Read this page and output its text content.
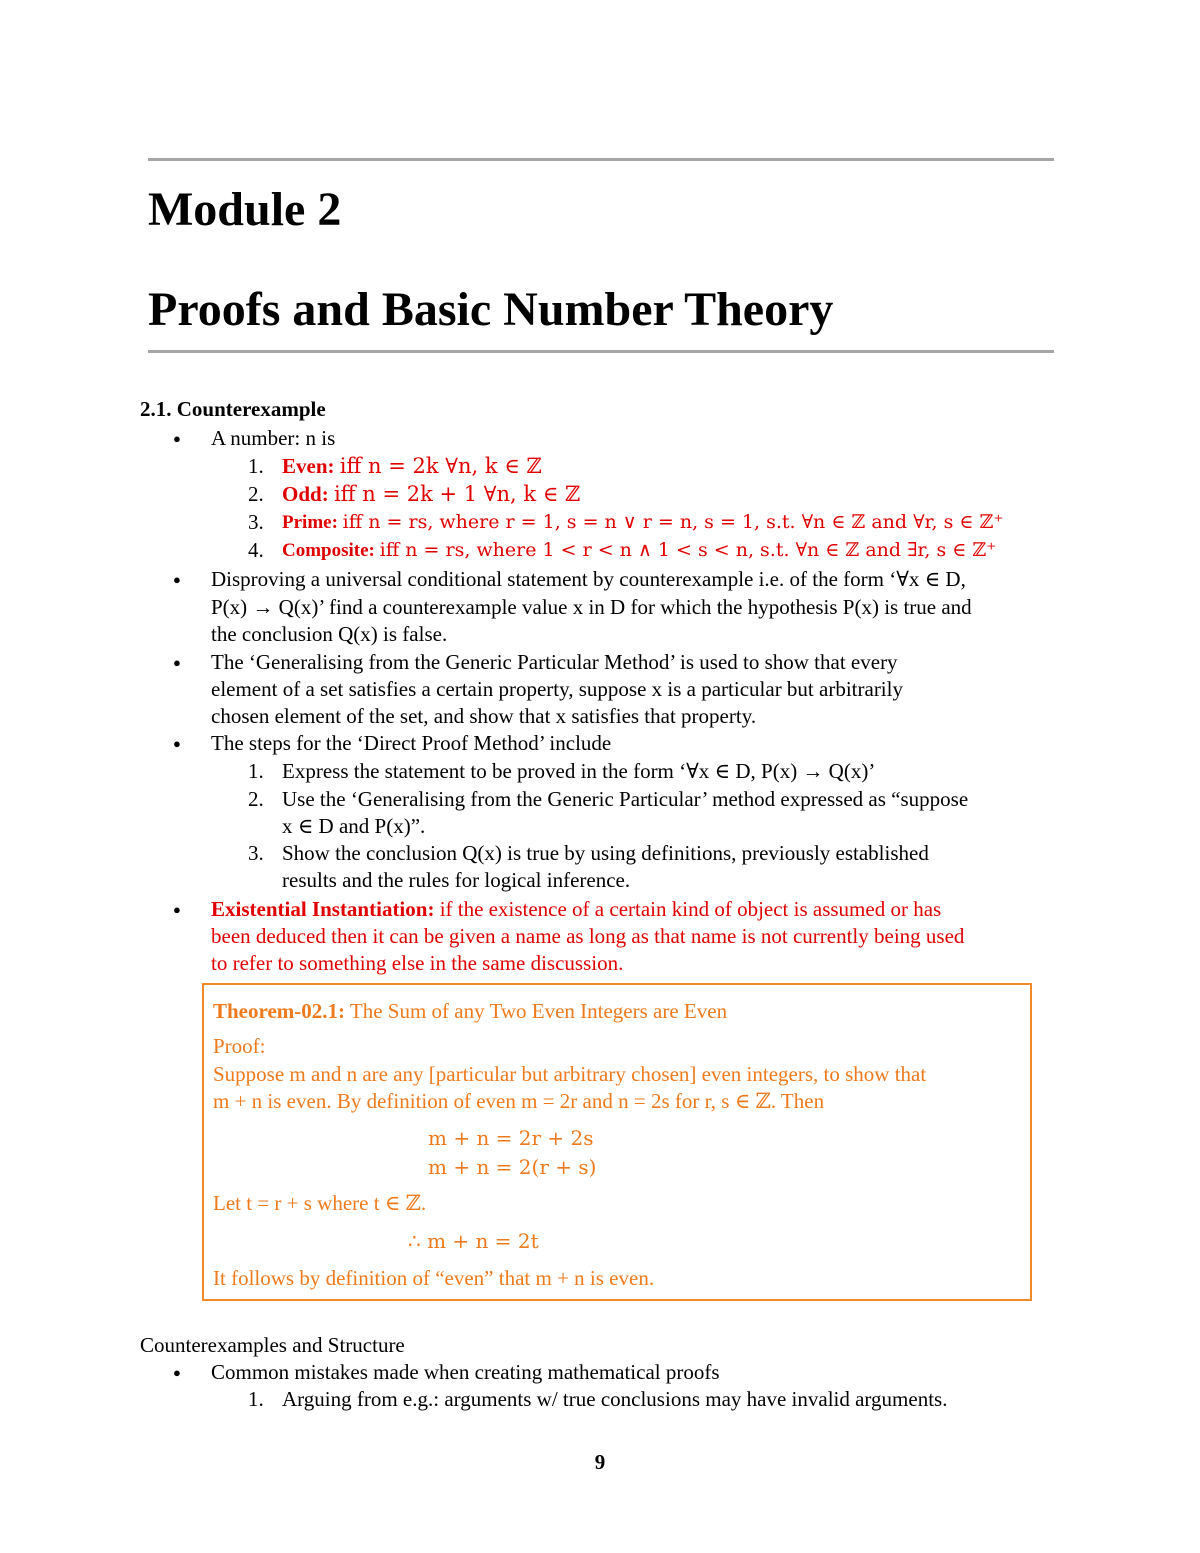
Module 2
Proofs and Basic Number Theory
2.1. Counterexample
● A number: n is
1. Even: iff n = 2k ∀n, k ∈ ℤ
2. Odd: iff n = 2k + 1 ∀n, k ∈ ℤ
3. Prime: iff n = rs, where r = 1, s = n ∨ r = n, s = 1, s.t. ∀n ∈ ℤ and ∀r, s ∈ ℤ⁺
4. Composite: iff n = rs, where 1 < r < n ∧ 1 < s < n, s.t. ∀n ∈ ℤ and ∃r, s ∈ ℤ⁺
● Disproving a universal conditional statement by counterexample i.e. of the form ‘∀x ∈ D,
P(x) → Q(x)’ find a counterexample value x in D for which the hypothesis P(x) is true and
the conclusion Q(x) is false.
● The ‘Generalising from the Generic Particular Method’ is used to show that every
element of a set satisfies a certain property, suppose x is a particular but arbitrarily
chosen element of the set, and show that x satisfies that property.
● The steps for the ‘Direct Proof Method’ include
1. Express the statement to be proved in the form ‘∀x ∈ D, P(x) → Q(x)’
2. Use the ‘Generalising from the Generic Particular’ method expressed as “suppose
x ∈ D and P(x)”.
3. Show the conclusion Q(x) is true by using definitions, previously established
results and the rules for logical inference.
● Existential Instantiation: if the existence of a certain kind of object is assumed or has
been deduced then it can be given a name as long as that name is not currently being used
to refer to something else in the same discussion.
Theorem-02.1: The Sum of any Two Even Integers are Even
Proof:
Suppose m and n are any [particular but arbitrary chosen] even integers, to show that
m + n is even. By definition of even m = 2r and n = 2s for r, s ∈ ℤ. Then
m + n = 2r + 2s
m + n = 2(r + s)
Let t = r + s where t ∈ ℤ.
∴ m + n = 2t
It follows by definition of “even” that m + n is even.
Counterexamples and Structure
● Common mistakes made when creating mathematical proofs
1. Arguing from e.g.: arguments w/ true conclusions may have invalid arguments.
9
